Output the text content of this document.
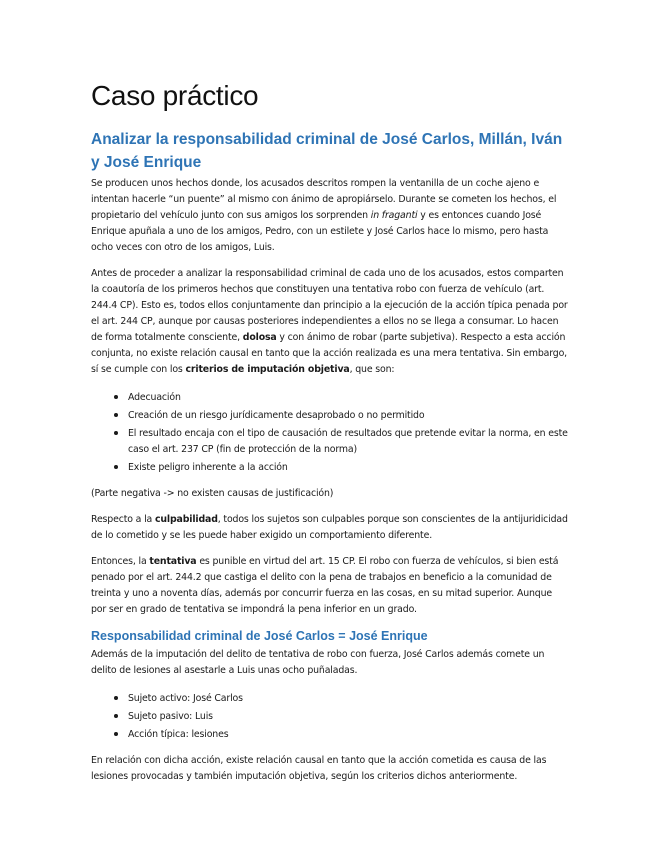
Caso práctico
Analizar la responsabilidad criminal de José Carlos, Millán, Iván y José Enrique

Se producen unos hechos donde, los acusados descritos rompen la ventanilla de un coche ajeno e intentan hacerle “un puente” al mismo con ánimo de apropiárselo. Durante se cometen los hechos, el propietario del vehículo junto con sus amigos los sorprenden in fraganti y es entonces cuando José Enrique apuñala a uno de los amigos, Pedro, con un estilete y José Carlos hace lo mismo, pero hasta ocho veces con otro de los amigos, Luis.

Antes de proceder a analizar la responsabilidad criminal de cada uno de los acusados, estos comparten la coautoría de los primeros hechos que constituyen una tentativa robo con fuerza de vehículo (art. 244.4 CP). Esto es, todos ellos conjuntamente dan principio a la ejecución de la acción típica penada por el art. 244 CP, aunque por causas posteriores independientes a ellos no se llega a consumar. Lo hacen de forma totalmente consciente, dolosa y con ánimo de robar (parte subjetiva). Respecto a esta acción conjunta, no existe relación causal en tanto que la acción realizada es una mera tentativa. Sin embargo, sí se cumple con los criterios de imputación objetiva, que son:

• Adecuación
• Creación de un riesgo jurídicamente desaprobado o no permitido
• El resultado encaja con el tipo de causación de resultados que pretende evitar la norma, en este caso el art. 237 CP (fin de protección de la norma)
• Existe peligro inherente a la acción

(Parte negativa -> no existen causas de justificación)

Respecto a la culpabilidad, todos los sujetos son culpables porque son conscientes de la antijuridicidad de lo cometido y se les puede haber exigido un comportamiento diferente.

Entonces, la tentativa es punible en virtud del art. 15 CP. El robo con fuerza de vehículos, si bien está penado por el art. 244.2 que castiga el delito con la pena de trabajos en beneficio a la comunidad de treinta y uno a noventa días, además por concurrir fuerza en las cosas, en su mitad superior. Aunque por ser en grado de tentativa se impondrá la pena inferior en un grado.

Responsabilidad criminal de José Carlos = José Enrique

Además de la imputación del delito de tentativa de robo con fuerza, José Carlos además comete un delito de lesiones al asestarle a Luis unas ocho puñaladas.

• Sujeto activo: José Carlos
• Sujeto pasivo: Luis
• Acción típica: lesiones

En relación con dicha acción, existe relación causal en tanto que la acción cometida es causa de las lesiones provocadas y también imputación objetiva, según los criterios dichos anteriormente.
